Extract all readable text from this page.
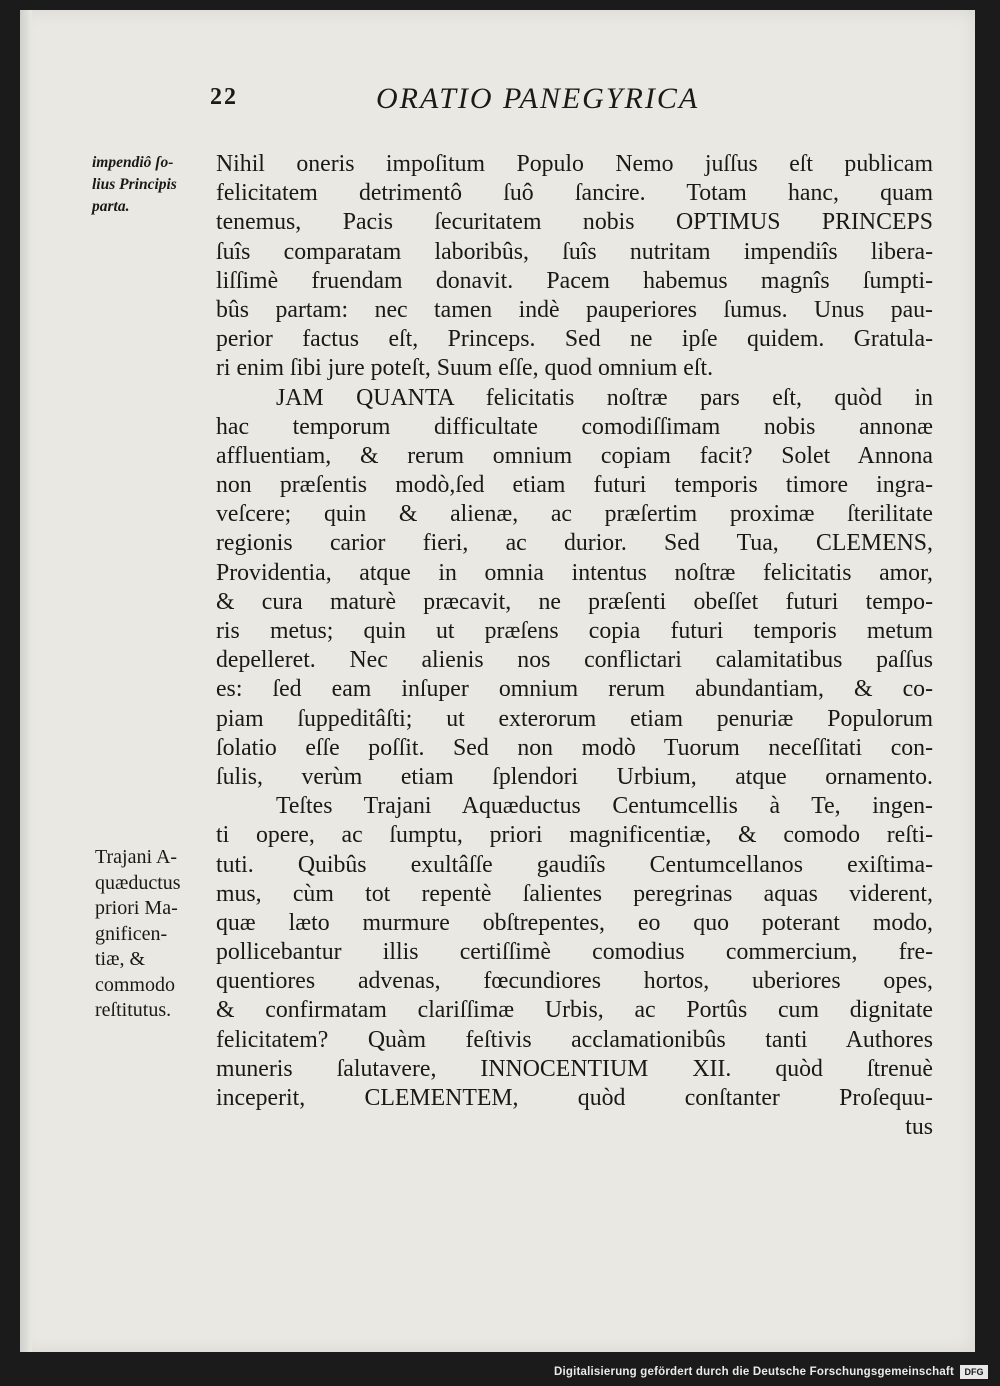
22	ORATIO PANEGYRICA
impendiô ſo-
lius Principis
parta.
Trajani A-
quæductus
priori Ma-
gnificen-
tiæ, &
commodo
reſtitutus.
Nihil oneris impoſitum Populo Nemo juſſus eſt publicam
felicitatem detrimentô ſuô ſancire. Totam hanc, quam
tenemus, Pacis ſecuritatem nobis OPTIMUS PRINCEPS
ſuîs comparatam laboribûs, ſuîs nutritam impendiîs libera-
liſſimè fruendam donavit. Pacem habemus magnîs ſumpti-
bûs partam: nec tamen indè pauperiores ſumus. Unus pau-
perior factus eſt, Princeps. Sed ne ipſe quidem. Gratula-
ri enim ſibi jure poteſt, Suum eſſe, quod omnium eſt.
JAM QUANTA felicitatis noſtræ pars eſt, quòd in
hac temporum difficultate comodiſſimam nobis annonæ
affluentiam, & rerum omnium copiam facit? Solet Annona
non præſentis modò,ſed etiam futuri temporis timore ingra-
veſcere; quin & alienæ, ac præſertim proximæ ſterilitate
regionis carior fieri, ac durior. Sed Tua, CLEMENS,
Providentia, atque in omnia intentus noſtræ felicitatis amor,
& cura maturè præcavit, ne præſenti obeſſet futuri tempo-
ris metus; quin ut præſens copia futuri temporis metum
depelleret. Nec alienis nos conflictari calamitatibus paſſus
es: ſed eam inſuper omnium rerum abundantiam, & co-
piam ſuppeditâſti; ut exterorum etiam penuriæ Populorum
ſolatio eſſe poſſit. Sed non modò Tuorum neceſſitati con-
ſulis, verùm etiam ſplendori Urbium, atque ornamento.
Teſtes Trajani Aquæductus Centumcellis à Te, ingen-
ti opere, ac ſumptu, priori magnificentiæ, & comodo reſti-
tuti. Quibûs exultâſſe gaudiîs Centumcellanos exiſtima-
mus, cùm tot repentè ſalientes peregrinas aquas viderent,
quæ læto murmure obſtrepentes, eo quo poterant modo,
pollicebantur illis certiſſimè comodius commercium, fre-
quentiores advenas, fœcundiores hortos, uberiores opes,
& confirmatam clariſſimæ Urbis, ac Portûs cum dignitate
felicitatem? Quàm feſtivis acclamationibûs tanti Authores
muneris ſalutavere, INNOCENTIUM XII. quòd ſtrenuè
inceperit, CLEMENTEM, quòd conſtanter Proſequu-
tus
Digitalisierung gefördert durch die Deutsche Forschungsgemeinschaft	DFG
